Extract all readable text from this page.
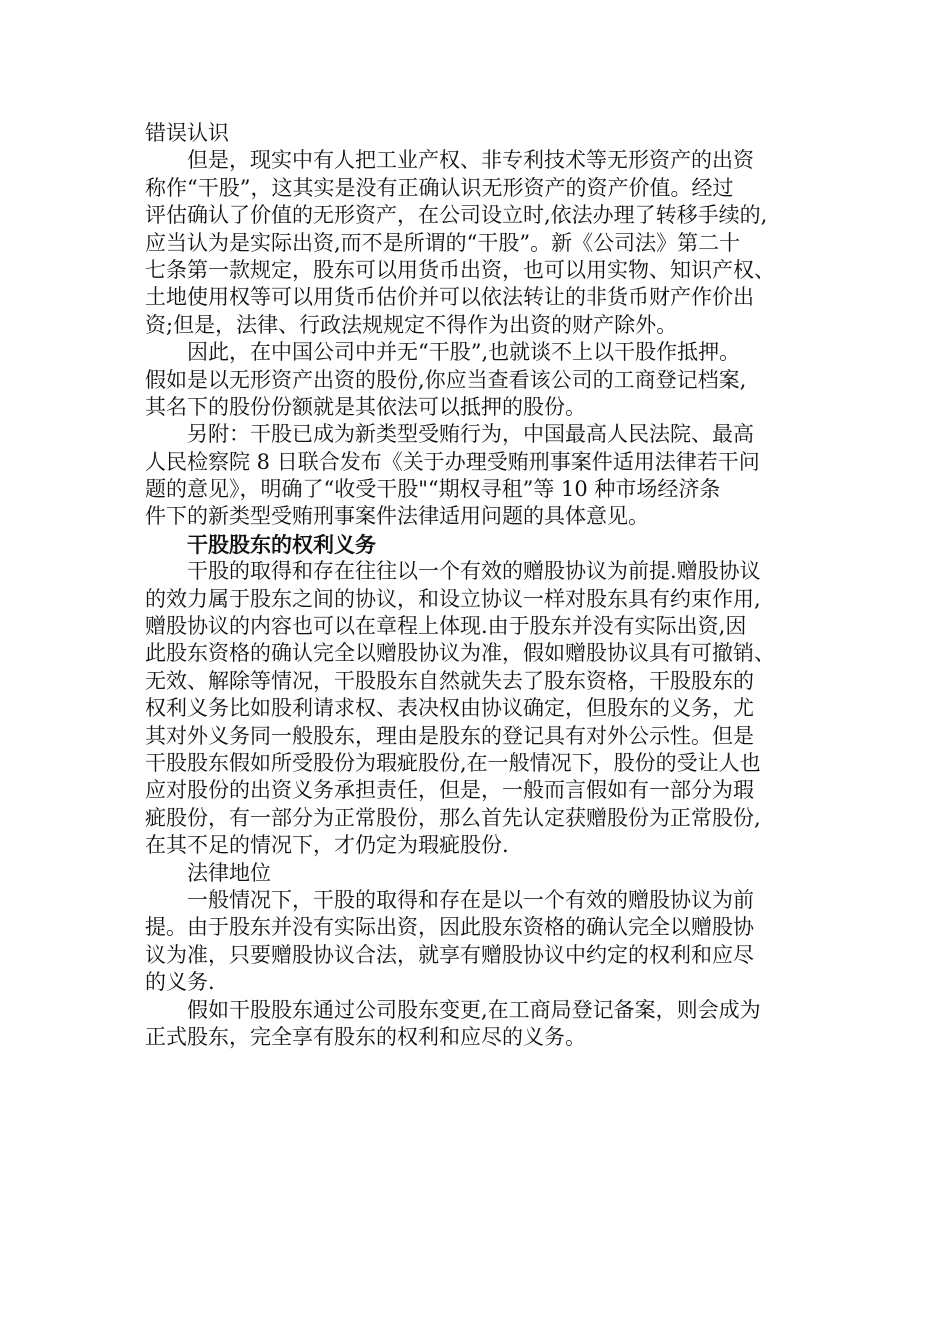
错误认识
但是，现实中有人把工业产权、非专利技术等无形资产的出资
称作“干股”，这其实是没有正确认识无形资产的资产价值。经过
评估确认了价值的无形资产，在公司设立时,依法办理了转移手续的,
应当认为是实际出资,而不是所谓的“干股”。新《公司法》第二十
七条第一款规定，股东可以用货币出资，也可以用实物、知识产权、
土地使用权等可以用货币估价并可以依法转让的非货币财产作价出
资;但是，法律、行政法规规定不得作为出资的财产除外。
因此，在中国公司中并无“干股”,也就谈不上以干股作抵押。
假如是以无形资产出资的股份,你应当查看该公司的工商登记档案,
其名下的股份份额就是其依法可以抵押的股份。
另附：干股已成为新类型受贿行为，中国最高人民法院、最高
人民检察院 8 日联合发布《关于办理受贿刑事案件适用法律若干问
题的意见》，明确了“收受干股"“期权寻租”等 10 种市场经济条
件下的新类型受贿刑事案件法律适用问题的具体意见。
干股股东的权利义务
干股的取得和存在往往以一个有效的赠股协议为前提.赠股协议
的效力属于股东之间的协议，和设立协议一样对股东具有约束作用,
赠股协议的内容也可以在章程上体现.由于股东并没有实际出资,因
此股东资格的确认完全以赠股协议为准，假如赠股协议具有可撤销、
无效、解除等情况，干股股东自然就失去了股东资格，干股股东的
权利义务比如股利请求权、表决权由协议确定，但股东的义务，尤
其对外义务同一般股东，理由是股东的登记具有对外公示性。但是
干股股东假如所受股份为瑕疵股份,在一般情况下，股份的受让人也
应对股份的出资义务承担责任，但是，一般而言假如有一部分为瑕
疵股份，有一部分为正常股份，那么首先认定获赠股份为正常股份,
在其不足的情况下，才仍定为瑕疵股份.
法律地位
一般情况下，干股的取得和存在是以一个有效的赠股协议为前
提。由于股东并没有实际出资，因此股东资格的确认完全以赠股协
议为准，只要赠股协议合法，就享有赠股协议中约定的权利和应尽
的义务.
假如干股股东通过公司股东变更,在工商局登记备案，则会成为
正式股东，完全享有股东的权利和应尽的义务。
